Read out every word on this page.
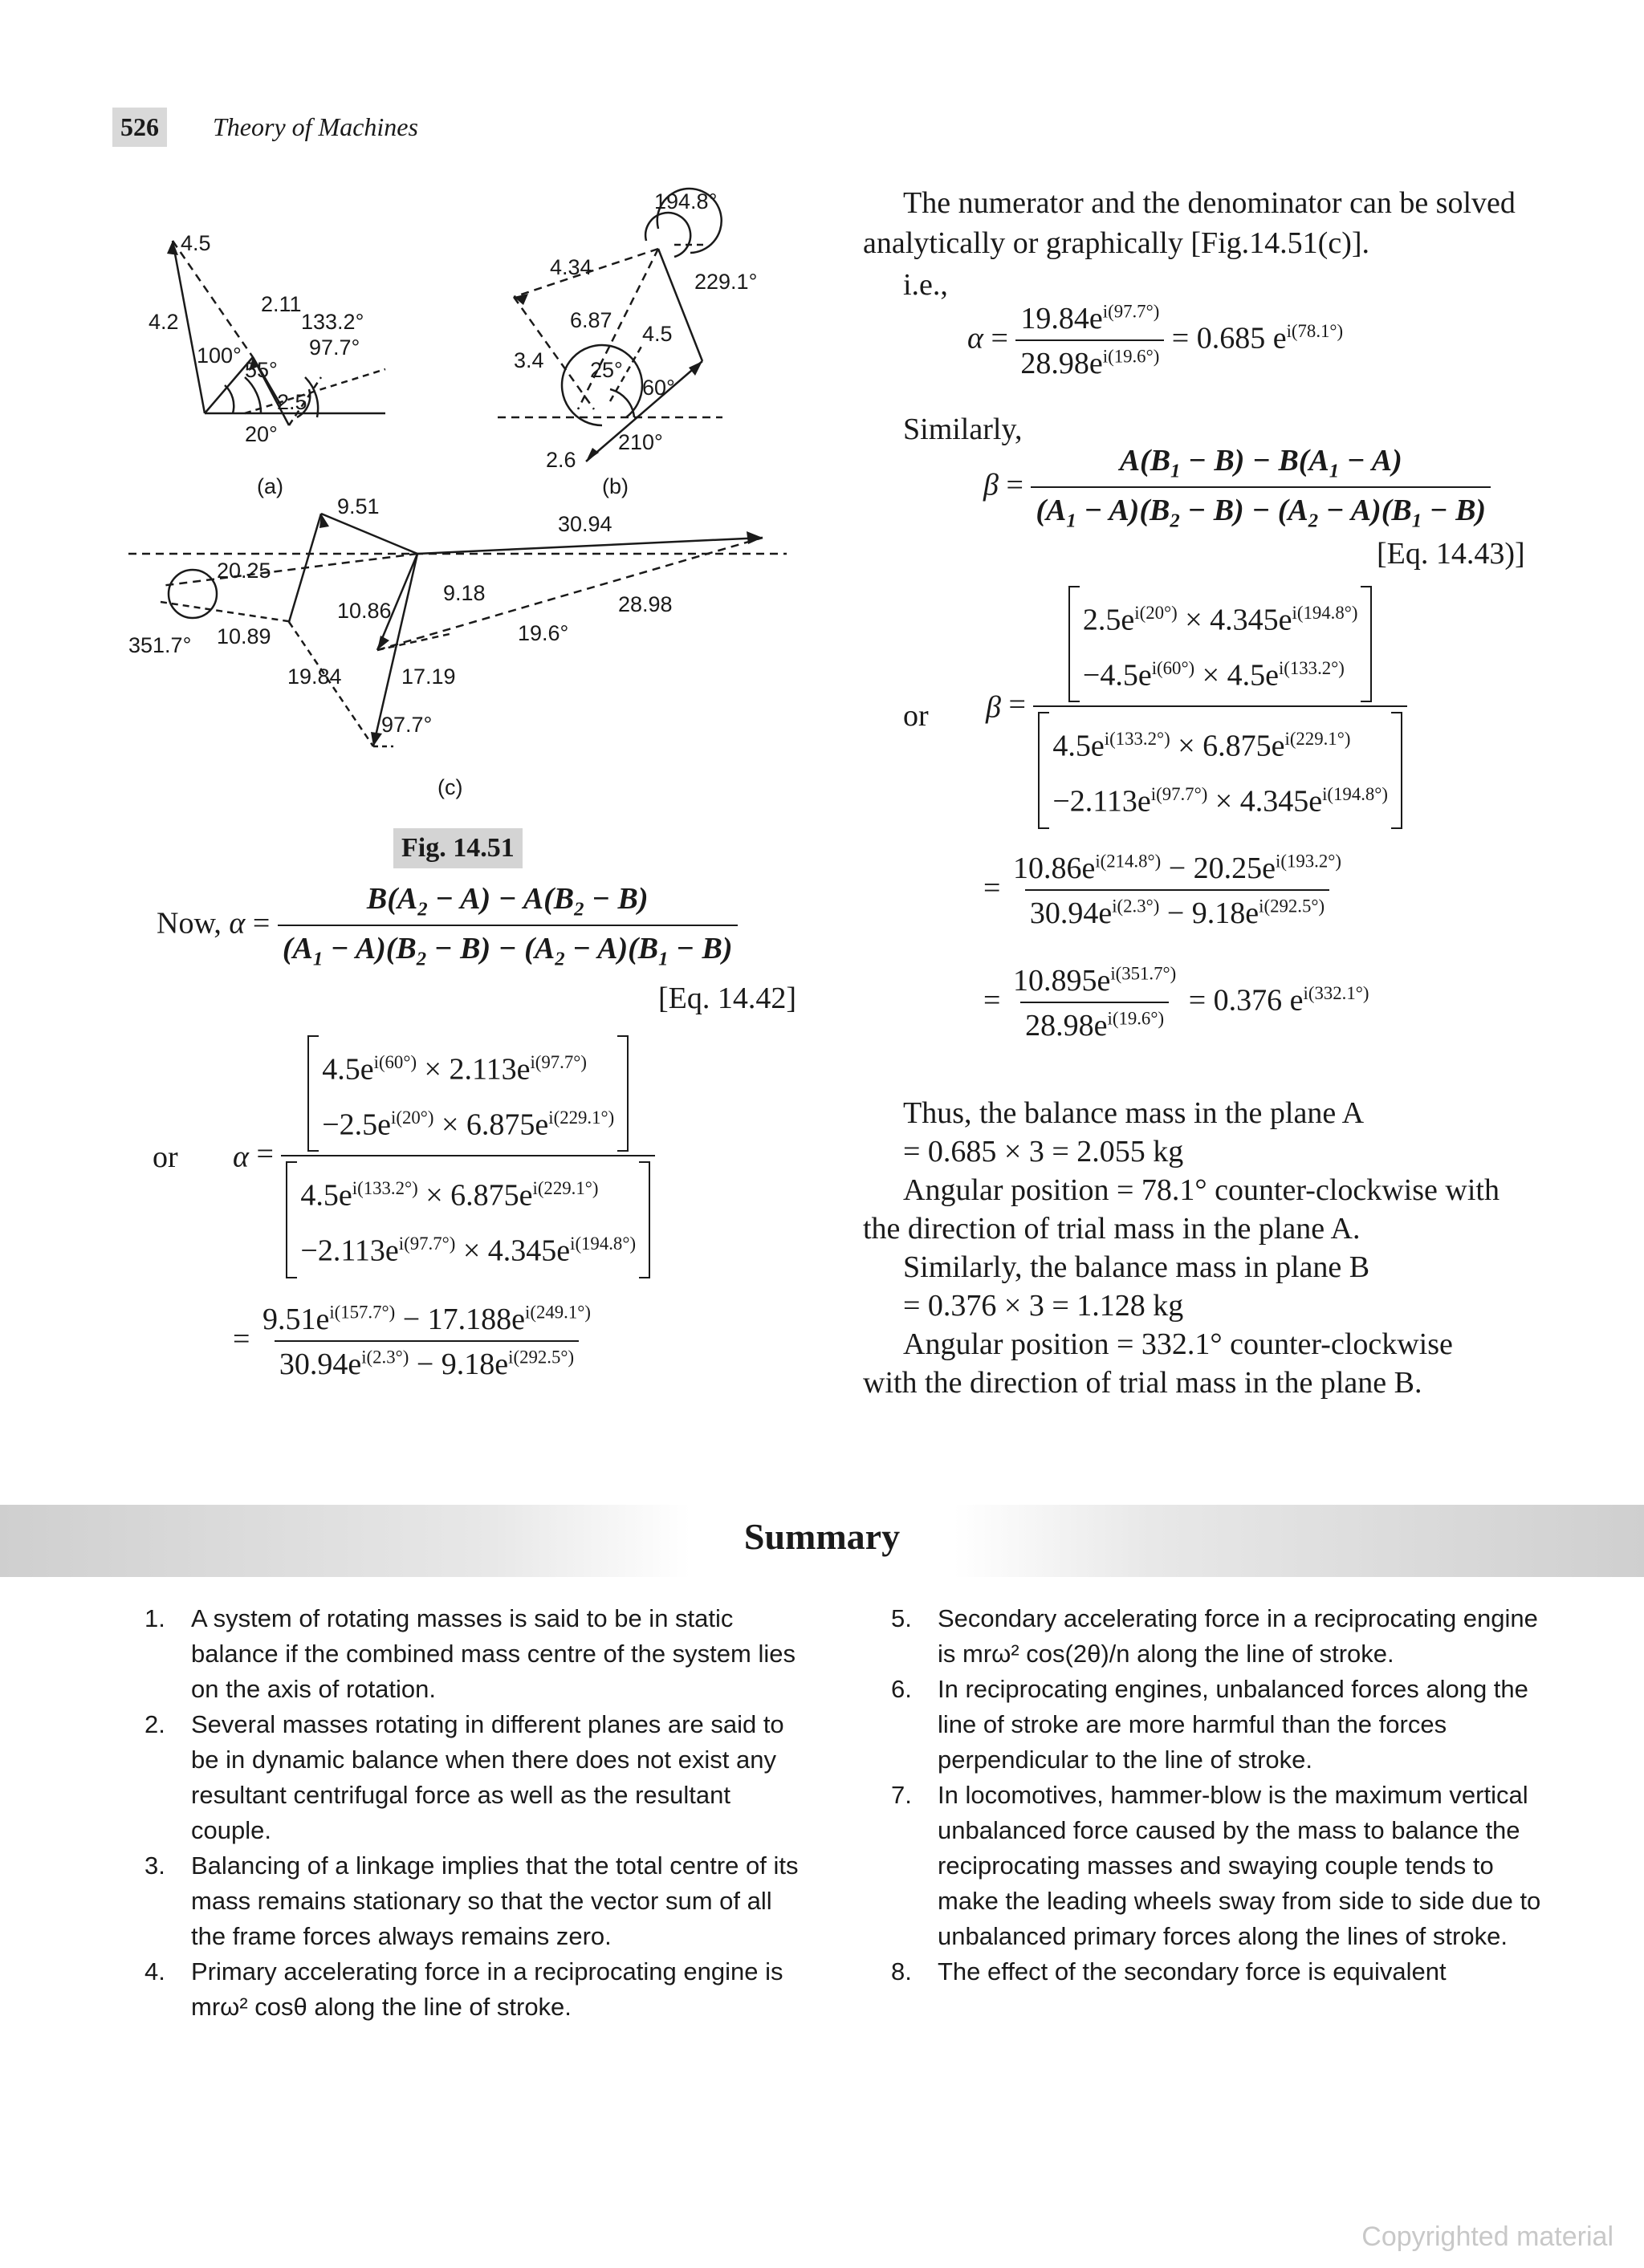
526	Theory of Machines
4.5
4.2
2.11
133.2°
100°
55°
97.7°
2.5
20°
(a)
194.8°
4.34
229.1°
6.87
4.5
3.4 25°
60°
2.6
210°
(b)
9.51
30.94
20.25
9.18	28.98
10.86
19.6°
351.7° 10.89
19.84	17.19
97.7°
(c)
Fig. 14.51
Now, $\alpha = \frac{B(A_2 - A) - A(B_2 - B)}{(A_1 - A)(B_2 - B) - (A_2 - A)(B_1 - B)}$
[Eq. 14.42]
or α =
$4.5e^{i(60^\circ)} \times 2.113e^{i(97.7^\circ)}$
$-2.5e^{i(20^\circ)} \times 6.875e^{i(229.1^\circ)}$
$4.5e^{i(133.2^\circ)} \times 6.875e^{i(229.1^\circ)}$
$-2.113e^{i(97.7^\circ)} \times 4.345e^{i(194.8^\circ)}$
= $\frac{9.51e^{i(157.7^\circ)} - 17.188e^{i(249.1^\circ)}}{30.94e^{i(2.3^\circ)} - 9.18e^{i(292.5^\circ)}}$
The numerator and the denominator can be solved
analytically or graphically [Fig.14.51(c)].
i.e.,
$\alpha = \frac{19.84e^{i(97.7^\circ)}}{28.98e^{i(19.6^\circ)}} = 0.685$ $e^{i(78.1^\circ)}$
Similarly,
$\beta = \frac{A(B_1 - B) - B(A_1 - A)}{(A_1 - A)(B_2 - B) - (A_2 - A)(B_1 - B)}$
[Eq. 14.43)]
or β =
$2.5e^{i(20^\circ)} \times 4.345e^{i(194.8^\circ)}$
$-4.5e^{i(60^\circ)} \times 4.5e^{i(133.2^\circ)}$
$4.5e^{i(133.2^\circ)} \times 6.875e^{i(229.1^\circ)}$
$-2.113e^{i(97.7^\circ)} \times 4.345e^{i(194.8^\circ)}$
= $\frac{10.86e^{i(214.8^\circ)} - 20.25e^{i(193.2^\circ)}}{30.94e^{i(2.3^\circ)} - 9.18e^{i(292.5^\circ)}}$
= $\frac{10.895e^{i(351.7^\circ)}}{28.98e^{i(19.6^\circ)}} = 0.376$ $e^{i(332.1^\circ)}$
Thus, the balance mass in the plane A
= 0.685 × 3 = 2.055 kg
Angular position = 78.1° counter-clockwise with
the direction of trial mass in the plane A.
Similarly, the balance mass in plane B
= 0.376 × 3 = 1.128 kg
Angular position = 332.1° counter-clockwise
with the direction of trial mass in the plane B.
Summary

1. A system of rotating masses is said to be in static balance if the combined mass centre of the system lies on the axis of rotation.

2. Several masses rotating in different planes are said to be in dynamic balance when there does not exist any resultant centrifugal force as well as the resultant couple.

3. Balancing of a linkage implies that the total centre of its mass remains stationary so that the vector sum of all the frame forces always remains zero.

4. Primary accelerating force in a reciprocating engine is mrω² cosθ along the line of stroke.

5. Secondary accelerating force in a reciprocating engine is mrω² cos(2θ)/n along the line of stroke.

6. In reciprocating engines, unbalanced forces along the line of stroke are more harmful than the forces perpendicular to the line of stroke.

7. In locomotives, hammer-blow is the maximum vertical unbalanced force caused by the mass to balance the reciprocating masses and swaying couple tends to make the leading wheels sway from side to side due to unbalanced primary forces along the lines of stroke.

8. The effect of the secondary force is equivalent

Copyrighted material
